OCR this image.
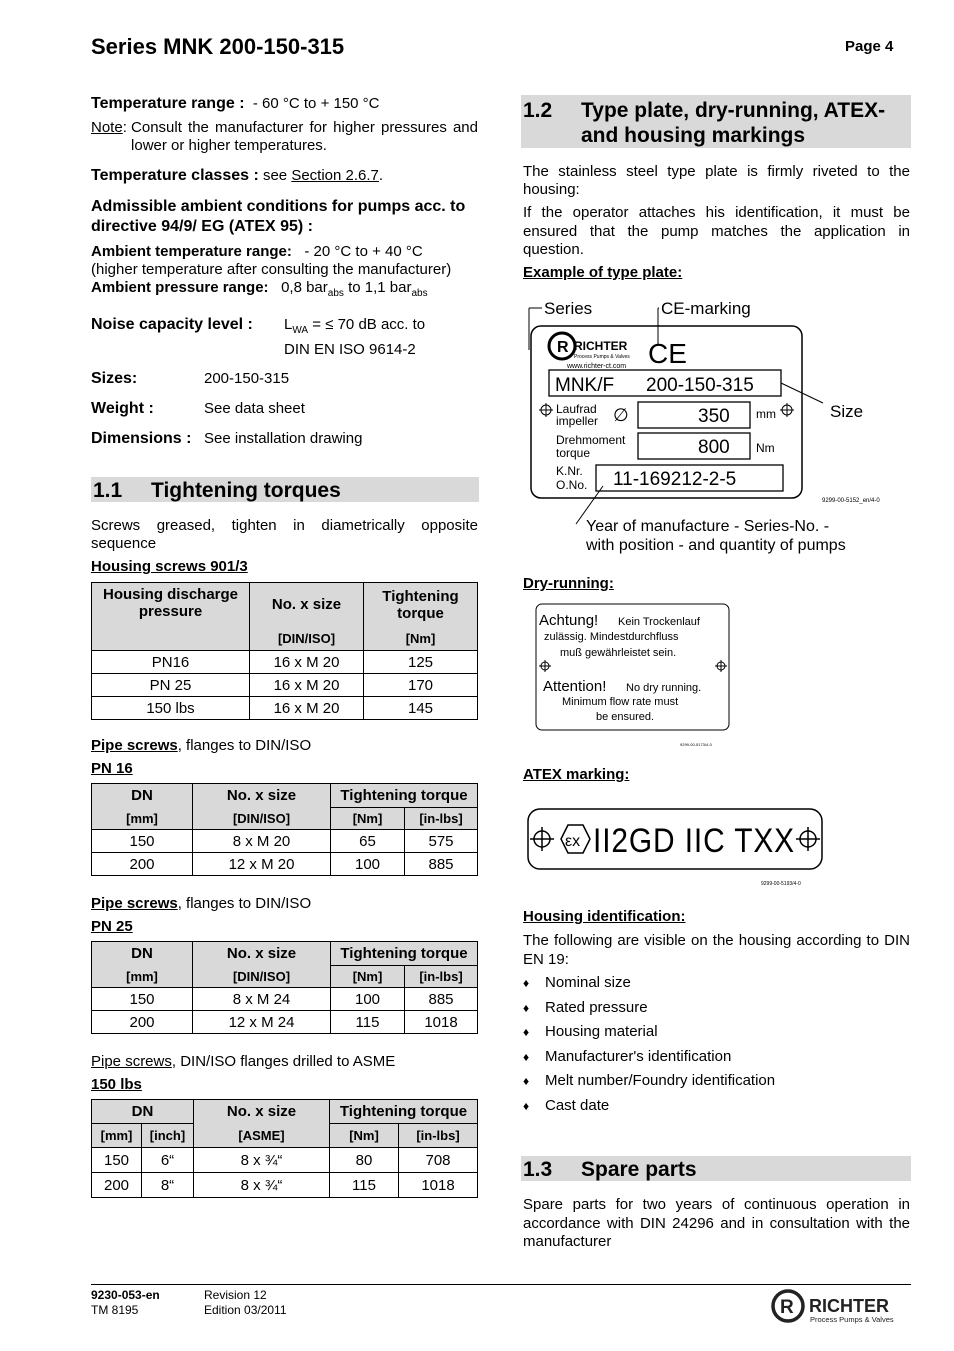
Series MNK 200-150-315	Page 4
Temperature range : - 60 °C to + 150 °C
Note : Consult the manufacturer for higher pressures and lower or higher temperatures.
Temperature classes : see Section 2.6.7.
Admissible ambient conditions for pumps acc. to directive 94/9/ EG (ATEX 95) :
Ambient temperature range: - 20 °C to + 40 °C
(higher temperature after consulting the manufacturer)
Ambient pressure range: 0,8 bar$_{abs}$ to 1,1 bar$_{abs}$
Noise capacity level :	$L_{WA}$ = ≤ 70 dB acc. to
DIN EN ISO 9614-2
Sizes:	200-150-315
Weight :	See data sheet
Dimensions : See installation drawing
1.1	Tightening torques
Screws greased, tighten in diametrically opposite sequence
Housing screws 901/3
Housing discharge pressure	No. x size	Tightening torque
	[DIN/ISO]	[Nm]
PN16	16 x M 20	125
PN 25	16 x M 20	170
150 lbs	16 x M 20	145
Pipe screws, flanges to DIN/ISO
PN 16
DN	No. x size	Tightening torque	
[mm]	[DIN/ISO]	[Nm]	[in-lbs]
150	8 x M 20	65	575
200	12 x M 20	100	885
Pipe screws, flanges to DIN/ISO
PN 25
DN	No. x size	Tightening torque	
[mm]	[DIN/ISO]	[Nm]	[in-lbs]
150	8 x M 24	100	885
200	12 x M 24	115	1018
Pipe screws, DIN/ISO flanges drilled to ASME
150 lbs
DN		No. x size	Tightening torque	
[mm]	[inch]	[ASME]	[Nm]	[in-lbs]
150	6“	8 x ¾“	80	708
200	8“	8 x ¾“	115	1018
1.2	Type plate, dry-running, ATEX-
and housing markings
The stainless steel type plate is firmly riveted to the housing:
If the operator attaches his identification, it must be ensured that the pump matches the application in question.
Example of type plate:
Series	CE-marking
R RICHTER
Process Pumps & Valves
www.richter-ct.com CE
MNK/F 200-150-315
Size
Laufrad
impeller ∅	350 mm
Drehmoment
torque	800 Nm
K.Nr.
O.No. 11-169212-2-5
9299-00-5152_en/4-0
Year of manufacture - Series-No. -
with position - and quantity of pumps
Dry-running:
Achtung! Kein Trockenlauf
zulässig. Mindestdurchfluss
muß gewährleistet sein.
Attention! No dry running.
Minimum flow rate must
be ensured.
9299-00-5173/4-0
ATEX marking:
εx II2GD IIC TXX
9299-00-5193/4-0
Housing identification:
The following are visible on the housing according to DIN EN 19:
♦ Nominal size
♦ Rated pressure
♦ Housing material
♦ Manufacturer's identification
♦ Melt number/Foundry identification
♦ Cast date
1.3	Spare parts
Spare parts for two years of continuous operation in accordance with DIN 24296 and in consultation with the manufacturer
9230-053-en
TM 8195
Revision 12
Edition 03/2011	R RICHTER
Process Pumps & Valves
